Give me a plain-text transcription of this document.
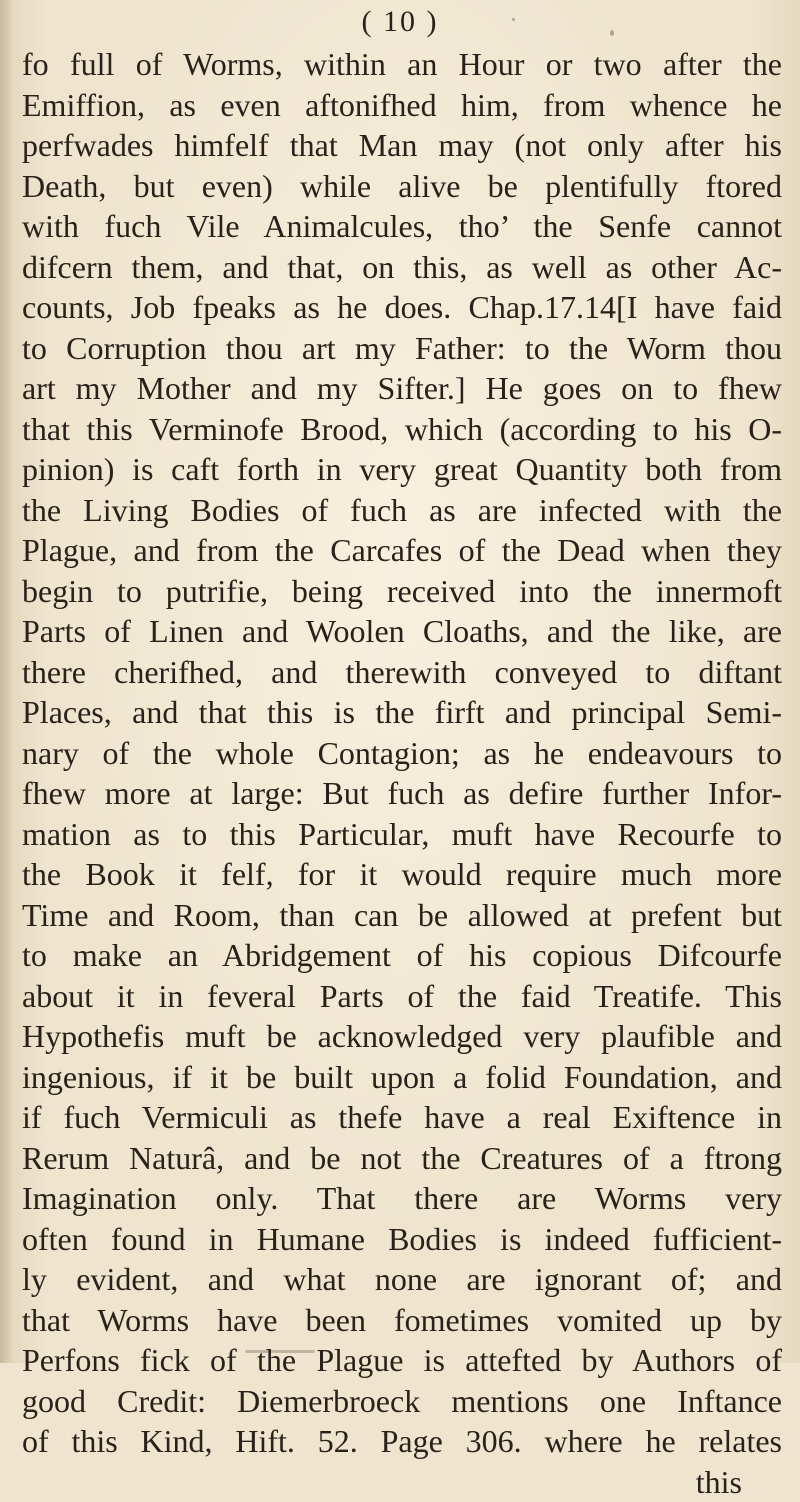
( 10 )
fo full of Worms, within an Hour or two after the
Emiffion, as even aftonifhed him, from whence he
perfwades himfelf that Man may (not only after his
Death, but even) while alive be plentifully ftored
with fuch Vile Animalcules, tho’ the Senfe cannot
difcern them, and that, on this, as well as other Ac-
counts, Job fpeaks as he does. Chap.17.14[I have faid
to Corruption thou art my Father: to the Worm thou
art my Mother and my Sifter.] He goes on to fhew
that this Verminofe Brood, which (according to his O-
pinion) is caft forth in very great Quantity both from
the Living Bodies of fuch as are infected with the
Plague, and from the Carcafes of the Dead when they
begin to putrifie, being received into the innermoft
Parts of Linen and Woolen Cloaths, and the like, are
there cherifhed, and therewith conveyed to diftant
Places, and that this is the firft and principal Semi-
nary of the whole Contagion; as he endeavours to
fhew more at large: But fuch as defire further Infor-
mation as to this Particular, muft have Recourfe to
the Book it felf, for it would require much more
Time and Room, than can be allowed at prefent but
to make an Abridgement of his copious Difcourfe
about it in feveral Parts of the faid Treatife. This
Hypothefis muft be acknowledged very plaufible and
ingenious, if it be built upon a folid Foundation, and
if fuch Vermiculi as thefe have a real Exiftence in
Rerum Naturâ, and be not the Creatures of a ftrong
Imagination only. That there are Worms very
often found in Humane Bodies is indeed fufficient-
ly evident, and what none are ignorant of; and
that Worms have been fometimes vomited up by
Perfons fick of the Plague is attefted by Authors of
good Credit: Diemerbroeck mentions one Inftance
of this Kind, Hift. 52. Page 306. where he relates
this
